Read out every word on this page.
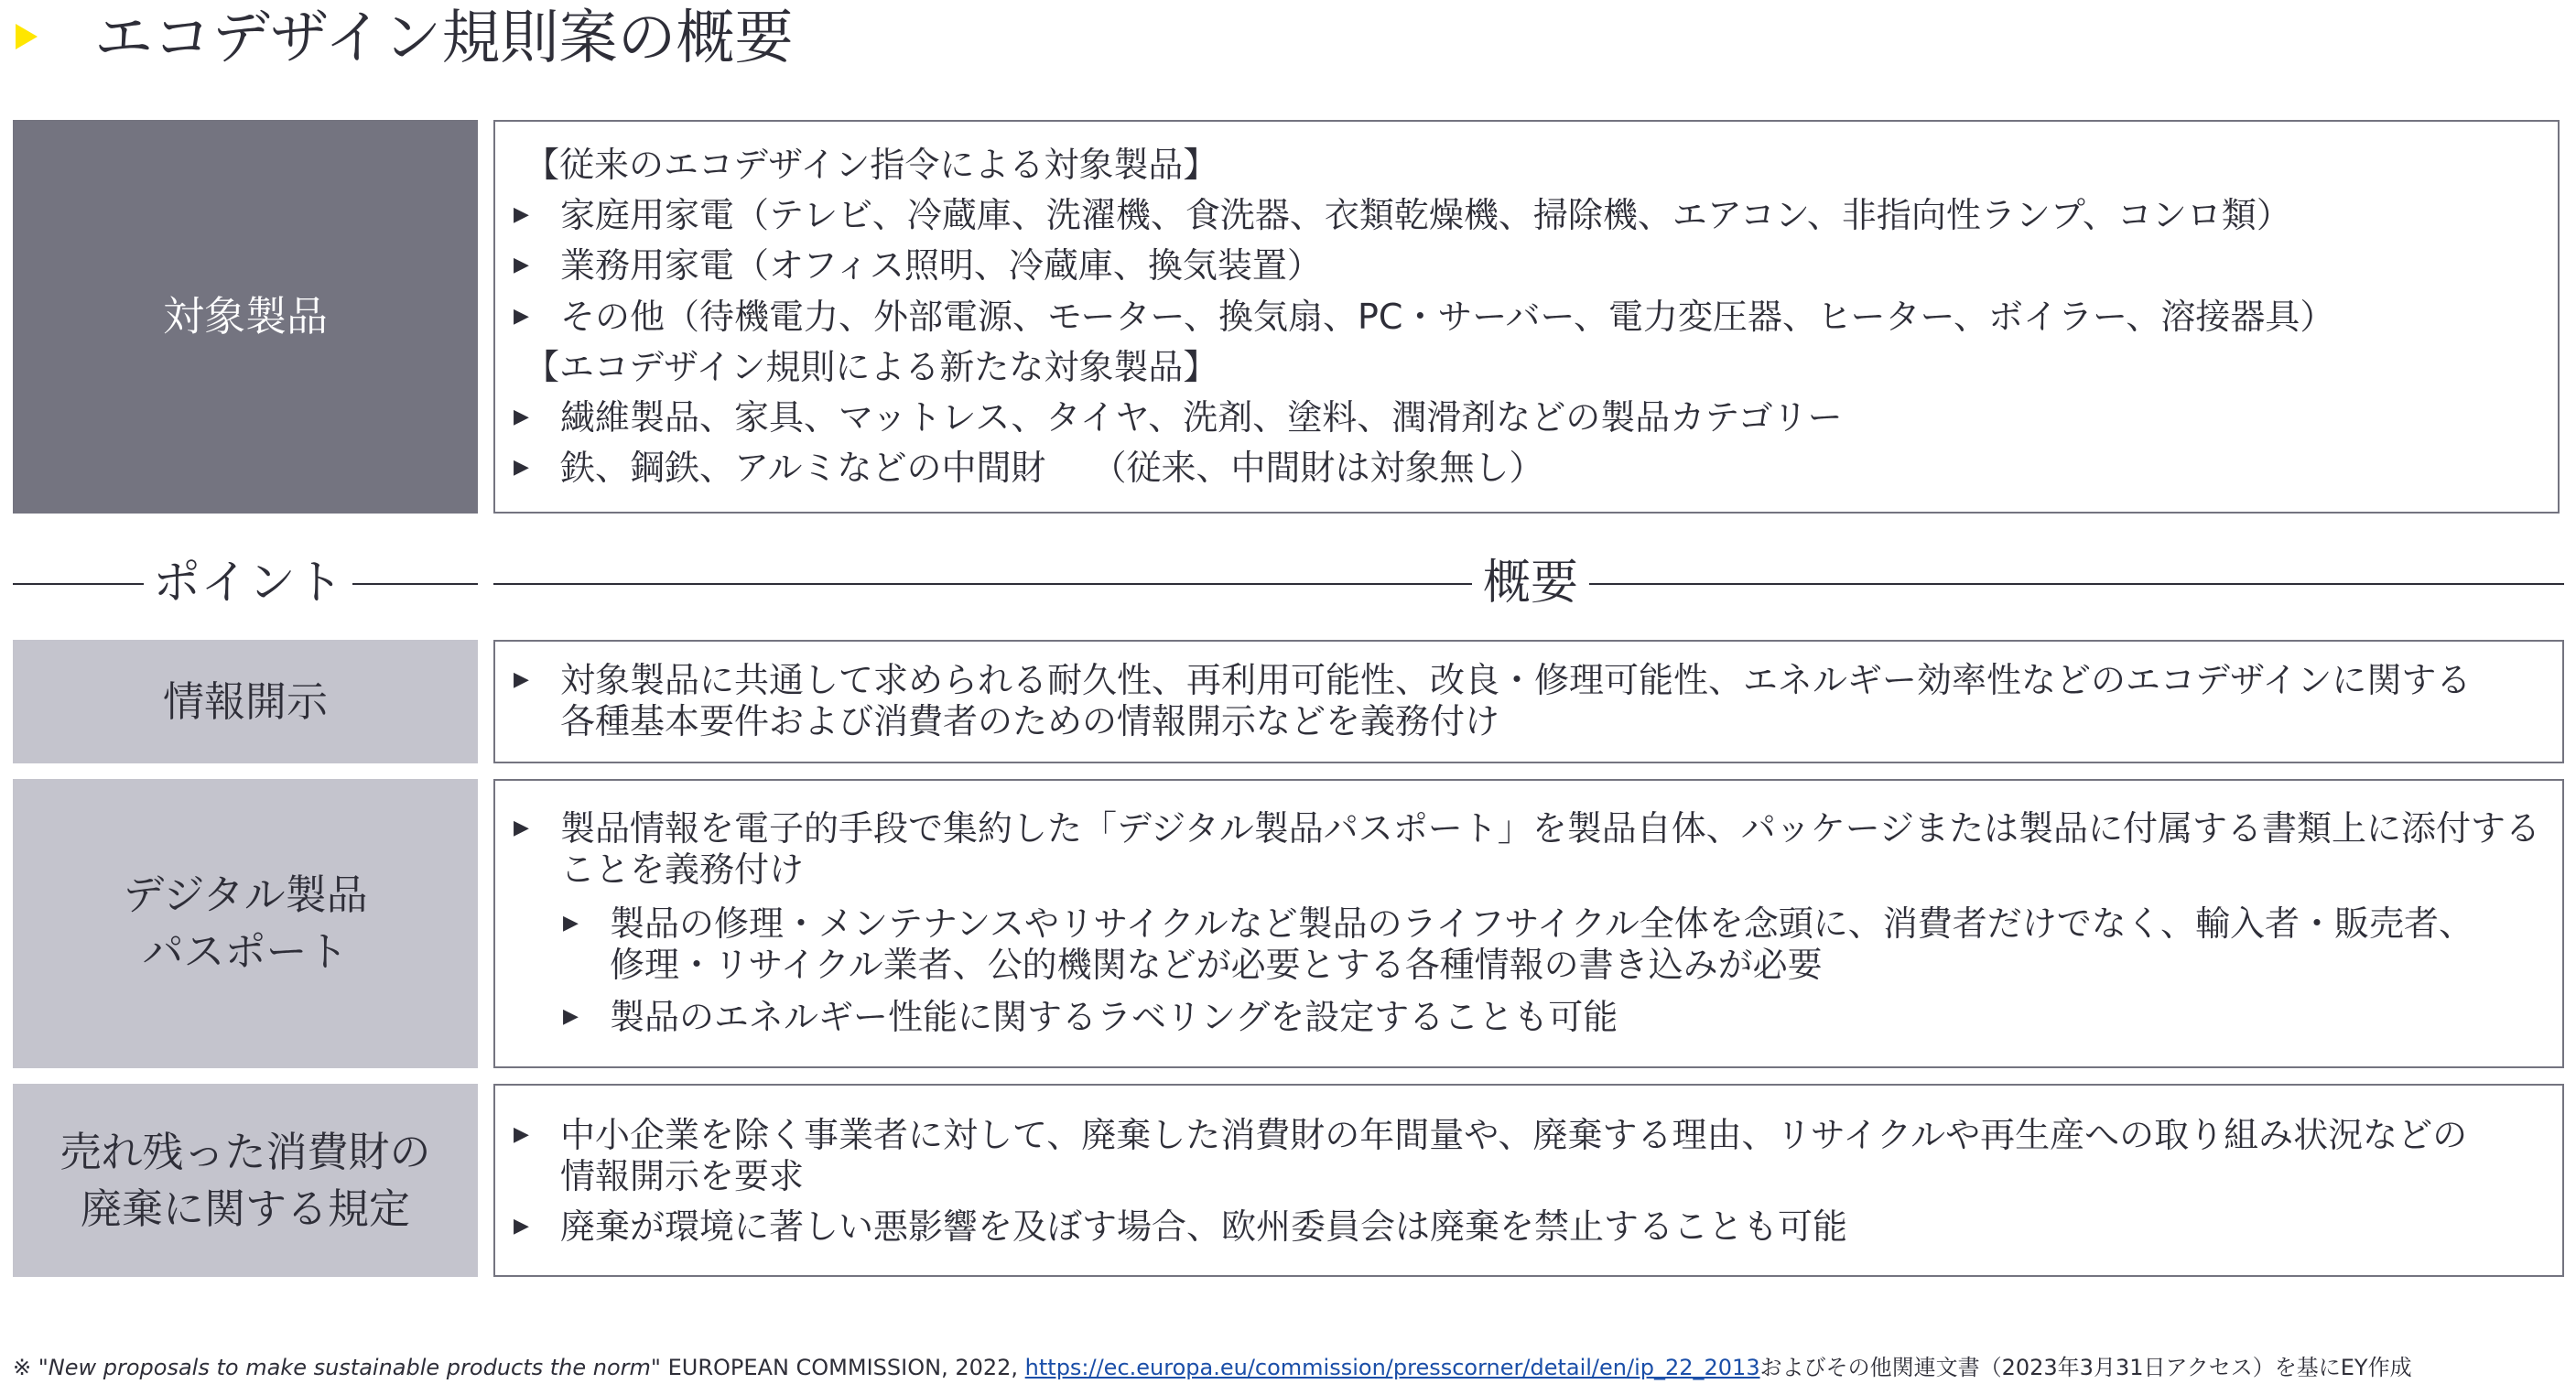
エコデザイン規則案の概要
対象製品
【従来のエコデザイン指令による対象製品】
▶ 家庭用家電（テレビ、冷蔵庫、洗濯機、食洗器、衣類乾燥機、掃除機、エアコン、非指向性ランプ、コンロ類）
▶ 業務用家電（オフィス照明、冷蔵庫、換気装置）
▶ その他（待機電力、外部電源、モーター、換気扇、PC・サーバー、電力変圧器、ヒーター、ボイラー、溶接器具）
【エコデザイン規則による新たな対象製品】
▶ 繊維製品、家具、マットレス、タイヤ、洗剤、塗料、潤滑剤などの製品カテゴリー
▶ 鉄、鋼鉄、アルミなどの中間財　 （従来、中間財は対象無し）
ポイント	概要
情報開示	▶ 対象製品に共通して求められる耐久性、再利用可能性、改良・修理可能性、エネルギー効率性などのエコデザインに関する
各種基本要件および消費者のための情報開示などを義務付け
デジタル製品
パスポート
▶ 製品情報を電子的手段で集約した「デジタル製品パスポート」を製品自体、パッケージまたは製品に付属する書類上に添付する
ことを義務付け
▶ 製品の修理・メンテナンスやリサイクルなど製品のライフサイクル全体を念頭に、消費者だけでなく、輸入者・販売者、
修理・リサイクル業者、公的機関などが必要とする各種情報の書き込みが必要
▶ 製品のエネルギー性能に関するラベリングを設定することも可能
売れ残った消費財の
廃棄に関する規定
▶ 中小企業を除く事業者に対して、廃棄した消費財の年間量や、廃棄する理由、リサイクルや再生産への取り組み状況などの
情報開示を要求
▶ 廃棄が環境に著しい悪影響を及ぼす場合、欧州委員会は廃棄を禁止することも可能
※ "New proposals to make sustainable products the norm" EUROPEAN COMMISSION, 2022, https://ec.europa.eu/commission/presscorner/detail/en/ip_22_2013およびその他関連文書（2023年3月31日アクセス）を基にEY作成
